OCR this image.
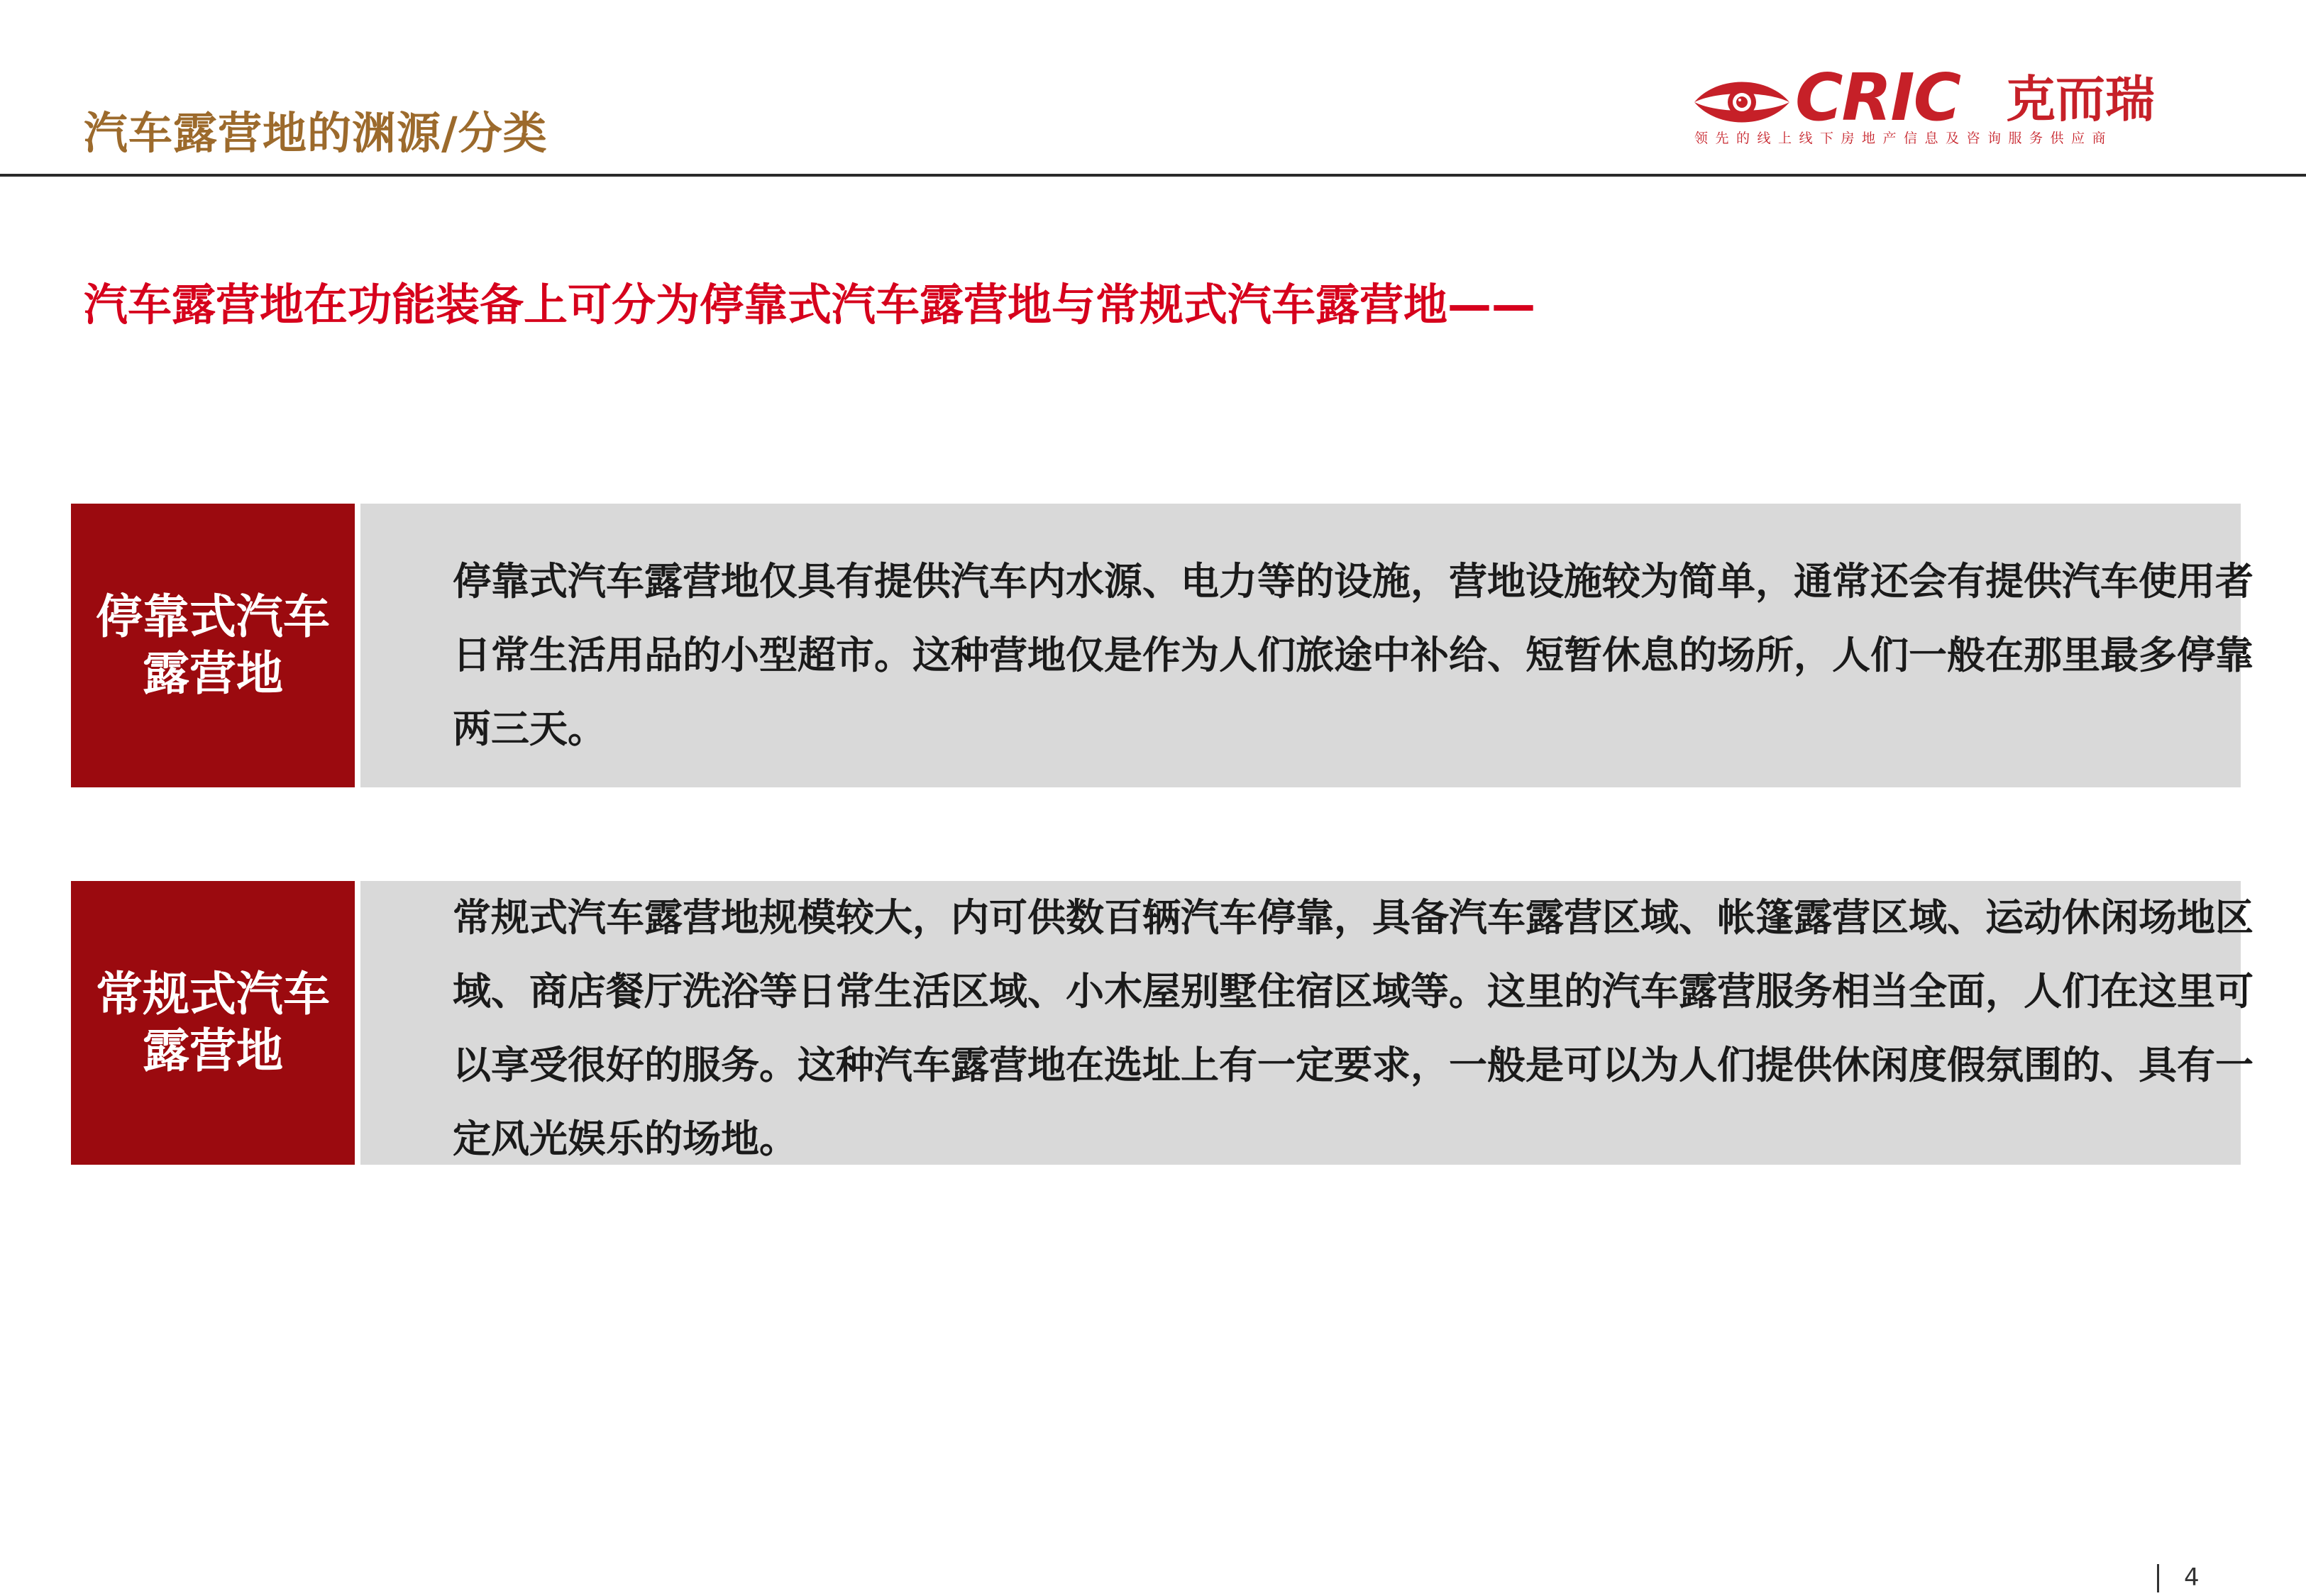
汽车露营地的渊源/分类	CRIC 克而瑞
领先的线上线下房地产信息及咨询服务供应商
汽车露营地在功能装备上可分为停靠式汽车露营地与常规式汽车露营地——
停靠式汽车露营地

停靠式汽车露营地仅具有提供汽车内水源、电力等的设施，营地设施较为简单，通常还会有提供汽车使用者日常生活用品的小型超市。这种营地仅是作为人们旅途中补给、短暂休息的场所，人们一般在那里最多停靠两三天。

常规式汽车露营地

常规式汽车露营地规模较大，内可供数百辆汽车停靠，具备汽车露营区域、帐篷露营区域、运动休闲场地区域、商店餐厅洗浴等日常生活区域、小木屋别墅住宿区域等。这里的汽车露营服务相当全面，人们在这里可以享受很好的服务。这种汽车露营地在选址上有一定要求，一般是可以为人们提供休闲度假氛围的、具有一定风光娱乐的场地。

4
